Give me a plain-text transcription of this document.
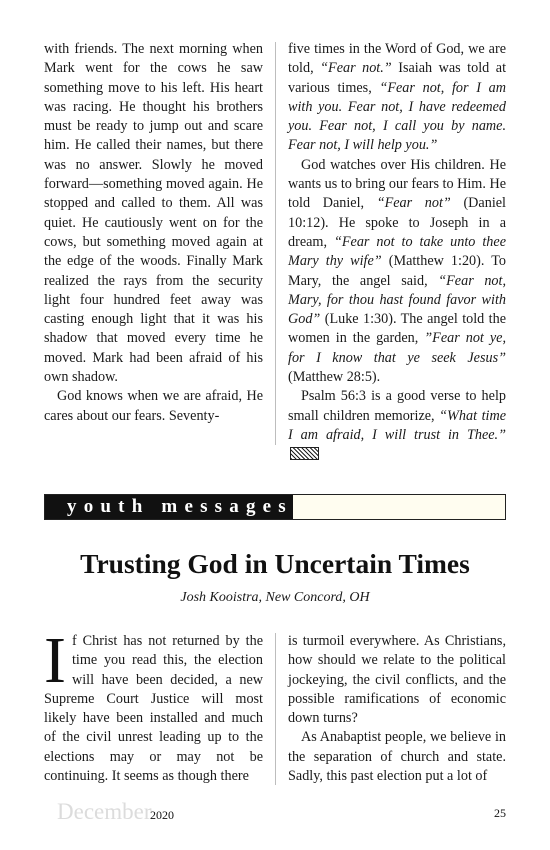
with friends. The next morning when Mark went for the cows he saw something move to his left. His heart was racing. He thought his brothers must be ready to jump out and scare him. He called their names, but there was no answer. Slowly he moved forward—something moved again. He stopped and called to them. All was quiet. He cautiously went on for the cows, but something moved again at the edge of the woods. Finally Mark realized the rays from the security light four hundred feet away was casting enough light that it was his shadow that moved every time he moved. Mark had been afraid of his own shadow.

God knows when we are afraid, He cares about our fears. Seventy-

five times in the Word of God, we are told, “Fear not.” Isaiah was told at various times, “Fear not, for I am with you. Fear not, I have redeemed you. Fear not, I call you by name. Fear not, I will help you.”

God watches over His children. He wants us to bring our fears to Him. He told Daniel, “Fear not” (Daniel 10:12). He spoke to Joseph in a dream, “Fear not to take unto thee Mary thy wife” (Matthew 1:20). To Mary, the angel said, “Fear not, Mary, for thou hast found favor with God” (Luke 1:30). The angel told the women in the garden, ”Fear not ye, for I know that ye seek Jesus” (Matthew 28:5).

Psalm 56:3 is a good verse to help small children memorize, “What time I am afraid, I will trust in Thee.”

youth messages
Trusting God in Uncertain Times
Josh Kooistra, New Concord, OH

If Christ has not returned by the time you read this, the election will have been decided, a new Supreme Court Justice will most likely have been installed and much of the civil unrest leading up to the elections may or may not be continuing. It seems as though there

is turmoil everywhere. As Christians, how should we relate to the political jockeying, the civil conflicts, and the possible ramifications of economic down turns?

As Anabaptist people, we believe in the separation of church and state. Sadly, this past election put a lot of

December
2020	25
